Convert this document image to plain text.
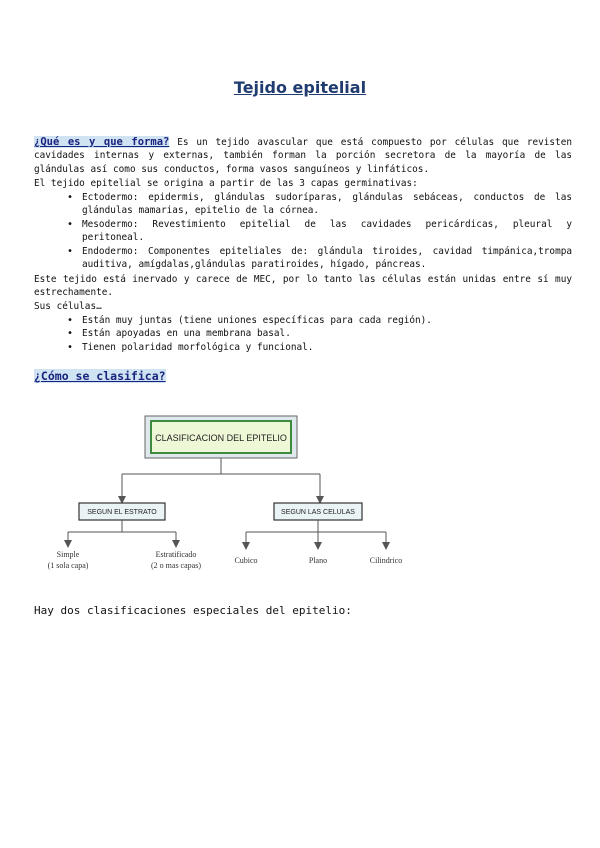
Tejido epitelial
¿Qué es y que forma? Es un tejido avascular que está compuesto por células que revisten cavidades internas y externas, también forman la porción secretora de la mayoría de las glándulas así como sus conductos, forma vasos sanguíneos y linfáticos.
El tejido epitelial se origina a partir de las 3 capas germinativas:
• Ectodermo: epidermis, glándulas sudoríparas, glándulas sebáceas, conductos de las glándulas mamarias, epitelio de la córnea.
• Mesodermo: Revestimiento epitelial de las cavidades pericárdicas, pleural y peritoneal.
• Endodermo: Componentes epiteliales de: glándula tiroides, cavidad timpánica,trompa auditiva, amígdalas,glándulas paratiroides, hígado, páncreas.
Este tejido está inervado y carece de MEC, por lo tanto las células están unidas entre sí muy estrechamente.
Sus células…
• Están muy juntas (tiene uniones específicas para cada región).
• Están apoyadas en una membrana basal.
• Tienen polaridad morfológica y funcional.
¿Cómo se clasifica?
CLASIFICACION DEL EPITELIO
SEGUN EL ESTRATO	SEGUN LAS CELULAS
Simple
(1 sola capa)
Estratificado
(2 o mas capas)
Cubico	Plano	Cilindrico
Hay dos clasificaciones especiales del epitelio:
